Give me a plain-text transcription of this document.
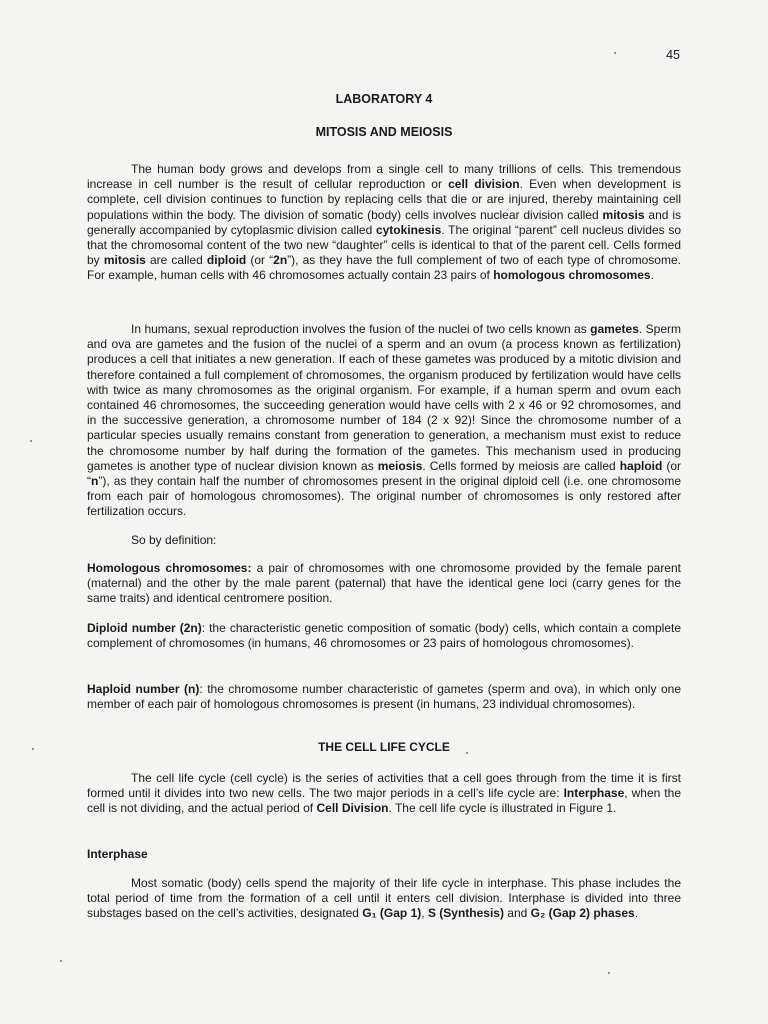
45
LABORATORY 4
MITOSIS AND MEIOSIS

The human body grows and develops from a single cell to many trillions of cells. This tremendous increase in cell number is the result of cellular reproduction or cell division. Even when development is complete, cell division continues to function by replacing cells that die or are injured, thereby maintaining cell populations within the body. The division of somatic (body) cells involves nuclear division called mitosis and is generally accompanied by cytoplasmic division called cytokinesis. The original “parent” cell nucleus divides so that the chromosomal content of the two new “daughter” cells is identical to that of the parent cell. Cells formed by mitosis are called diploid (or “2n”), as they have the full complement of two of each type of chromosome. For example, human cells with 46 chromosomes actually contain 23 pairs of homologous chromosomes.

In humans, sexual reproduction involves the fusion of the nuclei of two cells known as gametes. Sperm and ova are gametes and the fusion of the nuclei of a sperm and an ovum (a process known as fertilization) produces a cell that initiates a new generation. If each of these gametes was produced by a mitotic division and therefore contained a full complement of chromosomes, the organism produced by fertilization would have cells with twice as many chromosomes as the original organism. For example, if a human sperm and ovum each contained 46 chromosomes, the succeeding generation would have cells with 2 x 46 or 92 chromosomes, and in the successive generation, a chromosome number of 184 (2 x 92)! Since the chromosome number of a particular species usually remains constant from generation to generation, a mechanism must exist to reduce the chromosome number by half during the formation of the gametes. This mechanism used in producing gametes is another type of nuclear division known as meiosis. Cells formed by meiosis are called haploid (or “n”), as they contain half the number of chromosomes present in the original diploid cell (i.e. one chromosome from each pair of homologous chromosomes). The original number of chromosomes is only restored after fertilization occurs.

So by definition:

Homologous chromosomes: a pair of chromosomes with one chromosome provided by the female parent (maternal) and the other by the male parent (paternal) that have the identical gene loci (carry genes for the same traits) and identical centromere position.

Diploid number (2n): the characteristic genetic composition of somatic (body) cells, which contain a complete complement of chromosomes (in humans, 46 chromosomes or 23 pairs of homologous chromosomes).

Haploid number (n): the chromosome number characteristic of gametes (sperm and ova), in which only one member of each pair of homologous chromosomes is present (in humans, 23 individual chromosomes).

THE CELL LIFE CYCLE

The cell life cycle (cell cycle) is the series of activities that a cell goes through from the time it is first formed until it divides into two new cells. The two major periods in a cell’s life cycle are: Interphase, when the cell is not dividing, and the actual period of Cell Division. The cell life cycle is illustrated in Figure 1.

Interphase

Most somatic (body) cells spend the majority of their life cycle in interphase. This phase includes the total period of time from the formation of a cell until it enters cell division. Interphase is divided into three substages based on the cell’s activities, designated G₁ (Gap 1), S (Synthesis) and G₂ (Gap 2) phases.
